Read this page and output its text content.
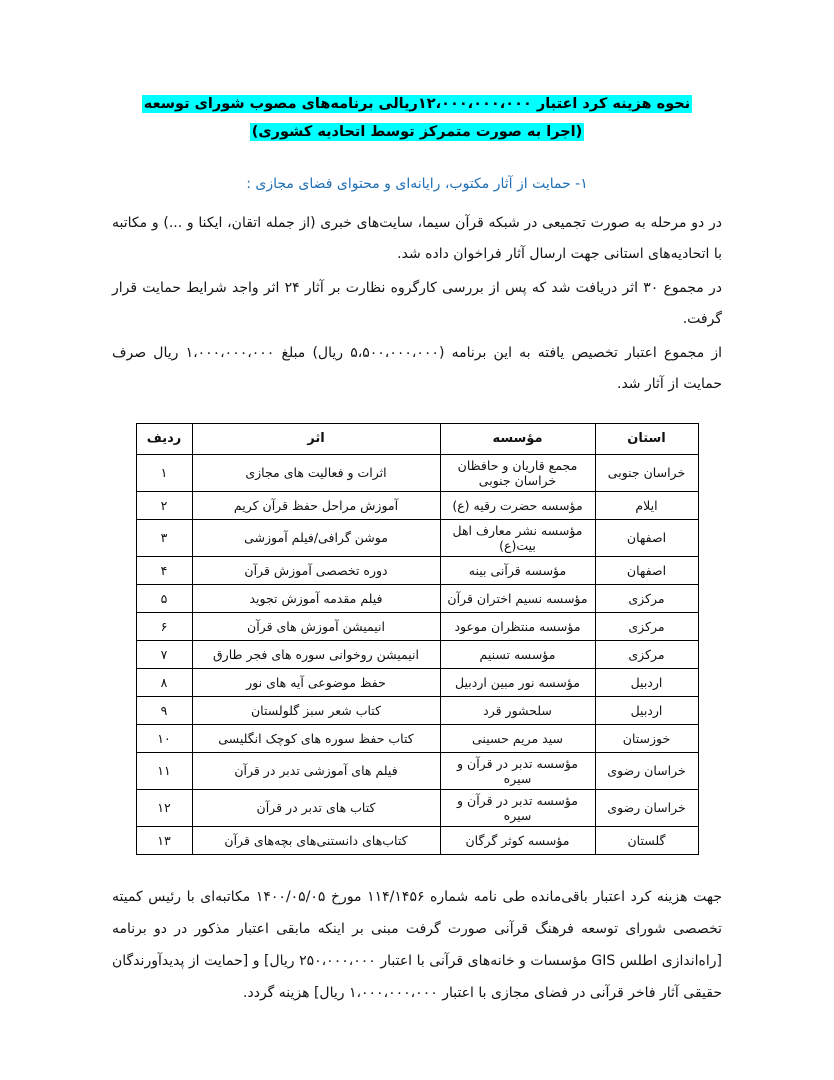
نحوه هزینه کرد اعتبار ۱۲،۰۰۰،۰۰۰،۰۰۰ریالی برنامه‌های مصوب شورای توسعه
(اجرا به صورت متمرکز توسط اتحادیه کشوری)
۱- حمایت از آثار مکتوب، رایانه‌ای و محتوای فضای مجازی :

در دو مرحله به صورت تجمیعی در شبکه قرآن سیما، سایت‌های خبری (از جمله اتقان، ایکنا و ...) و مکاتبه با اتحادیه‌های استانی جهت ارسال آثار فراخوان داده شد.

در مجموع ۳۰ اثر دریافت شد که پس از بررسی کارگروه نظارت بر آثار ۲۴ اثر واجد شرایط حمایت قرار گرفت.

از مجموع اعتبار تخصیص یافته به این برنامه (۵،۵۰۰،۰۰۰،۰۰۰ ریال) مبلغ ۱،۰۰۰،۰۰۰،۰۰۰ ریال صرف حمایت از آثار شد.

استان	مؤسسه	اثر	ردیف
خراسان جنوبی	مجمع قاریان و حافظان خراسان جنوبی	اثرات و فعالیت های مجازی	۱
ایلام	مؤسسه حضرت رقیه (ع)	آموزش مراحل حفظ قرآن کریم	۲
اصفهان	مؤسسه نشر معارف اهل بیت(ع)	موشن گرافی/فیلم آموزشی	۳
اصفهان	مؤسسه قرآنی بینه	دوره تخصصی آموزش قرآن	۴
مرکزی	مؤسسه نسیم اختران قرآن	فیلم مقدمه آموزش تجوید	۵
مرکزی	مؤسسه منتظران موعود	انیمیشن آموزش های قرآن	۶
مرکزی	مؤسسه تسنیم	انیمیشن روخوانی سوره های فجر طارق	۷
اردبیل	مؤسسه نور مبین اردبیل	حفظ موضوعی آیه های نور	۸
اردبیل	سلحشور قرد	کتاب شعر سبز گلولستان	۹
خوزستان	سید مریم حسینی	کتاب حفظ سوره های کوچک انگلیسی	۱۰
خراسان رضوی	مؤسسه تدبر در قرآن و سیره	فیلم های آموزشی تدبر در قرآن	۱۱
خراسان رضوی	مؤسسه تدبر در قرآن و سیره	کتاب های تدبر در قرآن	۱۲
گلستان	مؤسسه کوثر گرگان	کتاب‌های دانستنی‌های بچه‌های قرآن	۱۳

جهت هزینه کرد اعتبار باقی‌مانده طی نامه شماره ۱۱۴/۱۴۵۶ مورخ ۱۴۰۰/۰۵/۰۵ مکاتبه‌ای با رئیس کمیته تخصصی شورای توسعه فرهنگ قرآنی صورت گرفت مبنی بر اینکه مابقی اعتبار مذکور در دو برنامه [راه‌اندازی اطلس GIS مؤسسات و خانه‌های قرآنی با اعتبار ۲۵۰،۰۰۰،۰۰۰ ریال] و [حمایت از پدیدآورندگان حقیقی آثار فاخر قرآنی در فضای مجازی با اعتبار ۱،۰۰۰،۰۰۰،۰۰۰ ریال] هزینه گردد.
